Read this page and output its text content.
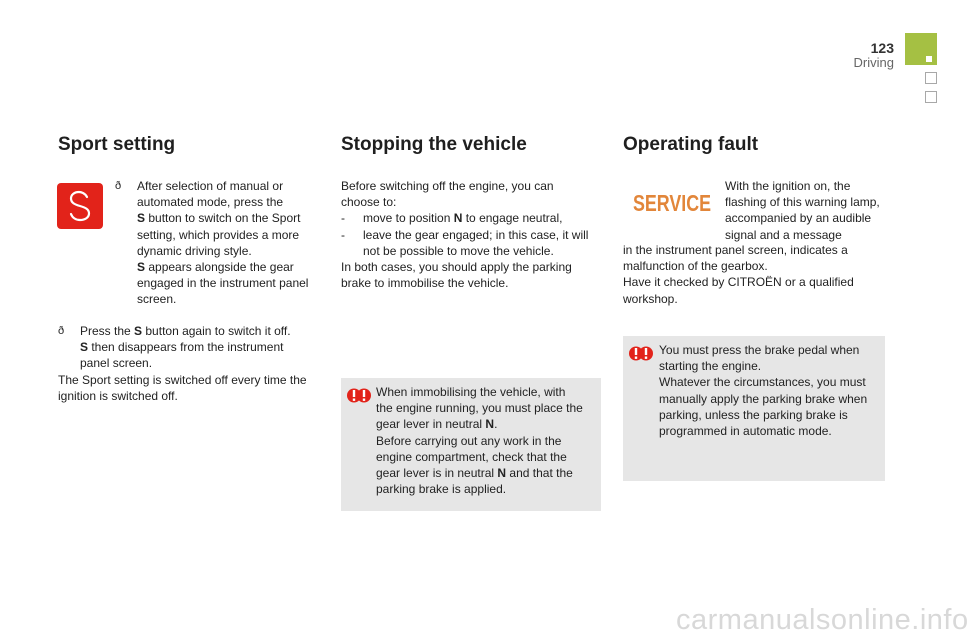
123
Driving
Sport setting
ð	After selection of manual or

automated mode, press the

S button to switch on the Sport

setting, which provides a more

dynamic driving style.

S appears alongside the gear

engaged in the instrument panel

screen.

ð	Press the S button again to switch it off.

S then disappears from the instrument

panel screen.

The Sport setting is switched off every time the

ignition is switched off.

Stopping the vehicle

Before switching off the engine, you can

choose to:

-	move to position N to engage neutral,

-	leave the gear engaged; in this case, it will

not be possible to move the vehicle.

In both cases, you should apply the parking

brake to immobilise the vehicle.

When immobilising the vehicle, with

the engine running, you must place the

gear lever in neutral N.

Before carrying out any work in the

engine compartment, check that the

gear lever is in neutral N and that the

parking brake is applied.

Operating fault
SERVICE

With the ignition on, the

flashing of this warning lamp,

accompanied by an audible

signal and a message

in the instrument panel screen, indicates a

malfunction of the gearbox.

Have it checked by CITROËN or a qualified

workshop.

You must press the brake pedal when

starting the engine.

Whatever the circumstances, you must

manually apply the parking brake when

parking, unless the parking brake is

programmed in automatic mode.

carmanualsonline.info
